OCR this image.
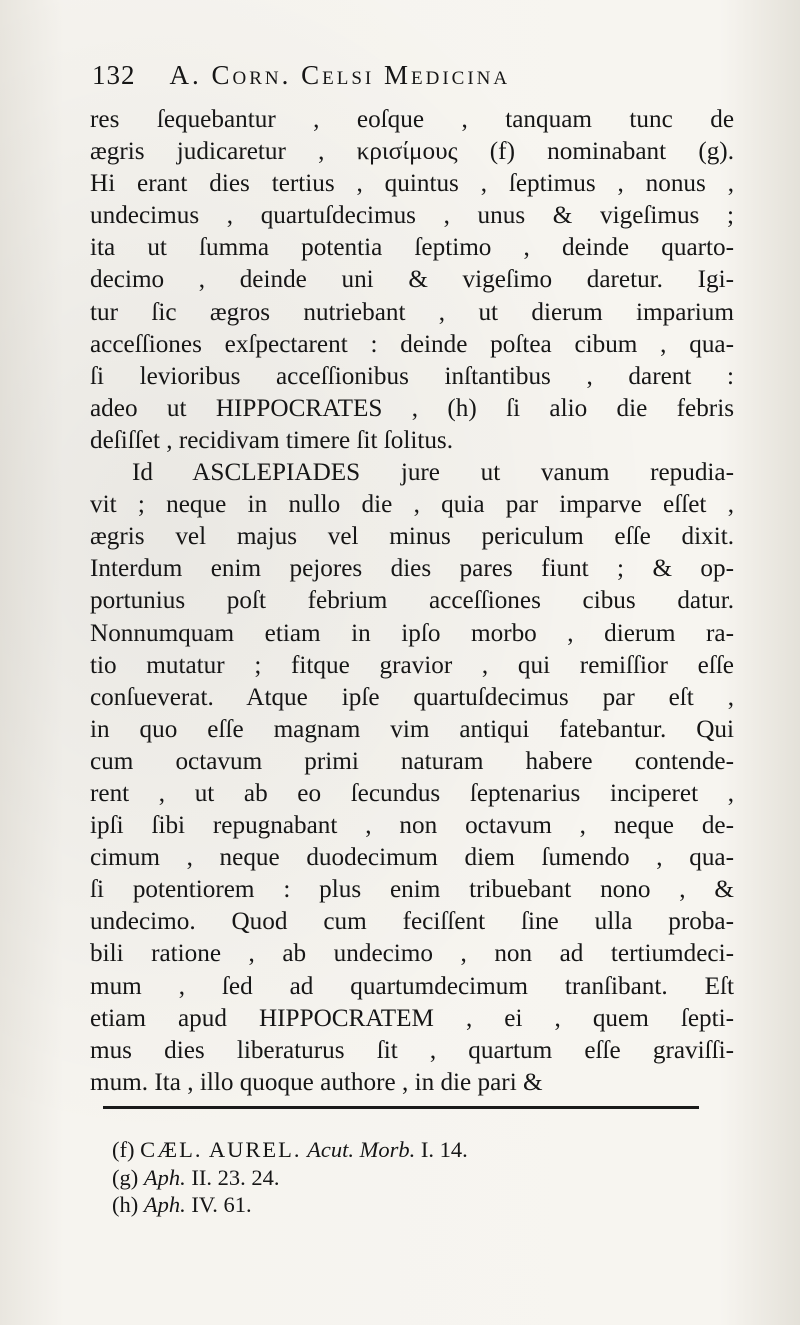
132 A. Corn. Celsi Medicina
res ſequebantur , eoſque , tanquam tunc de
ægris judicaretur , κρισίμους (f) nominabant (g).
Hi erant dies tertius , quintus , ſeptimus , nonus ,
undecimus , quartuſdecimus , unus & vigeſimus ;
ita ut ſumma potentia ſeptimo , deinde quarto-
decimo , deinde uni & vigeſimo daretur. Igi-
tur ſic ægros nutriebant , ut dierum imparium
acceſſiones exſpectarent : deinde poſtea cibum , qua-
ſi levioribus acceſſionibus inſtantibus , darent :
adeo ut HIPPOCRATES , (h) ſi alio die febris
deſiſſet , recidivam timere ſit ſolitus.
Id ASCLEPIADES jure ut vanum repudia-
vit ; neque in nullo die , quia par imparve eſſet ,
ægris vel majus vel minus periculum eſſe dixit.
Interdum enim pejores dies pares fiunt ; & op-
portunius poſt febrium acceſſiones cibus datur.
Nonnumquam etiam in ipſo morbo , dierum ra-
tio mutatur ; fitque gravior , qui remiſſior eſſe
conſueverat. Atque ipſe quartuſdecimus par eſt ,
in quo eſſe magnam vim antiqui fatebantur. Qui
cum octavum primi naturam habere contende-
rent , ut ab eo ſecundus ſeptenarius inciperet ,
ipſi ſibi repugnabant , non octavum , neque de-
cimum , neque duodecimum diem ſumendo , qua-
ſi potentiorem : plus enim tribuebant nono , &
undecimo. Quod cum feciſſent ſine ulla proba-
bili ratione , ab undecimo , non ad tertiumdeci-
mum , ſed ad quartumdecimum tranſibant. Eſt
etiam apud HIPPOCRATEM , ei , quem ſepti-
mus dies liberaturus ſit , quartum eſſe graviſſi-
mum. Ita , illo quoque authore , in die pari &
(f) CÆL. AUREL. Acut. Morb. I. 14.
(g) Aph. II. 23. 24.
(h) Aph. IV. 61.
